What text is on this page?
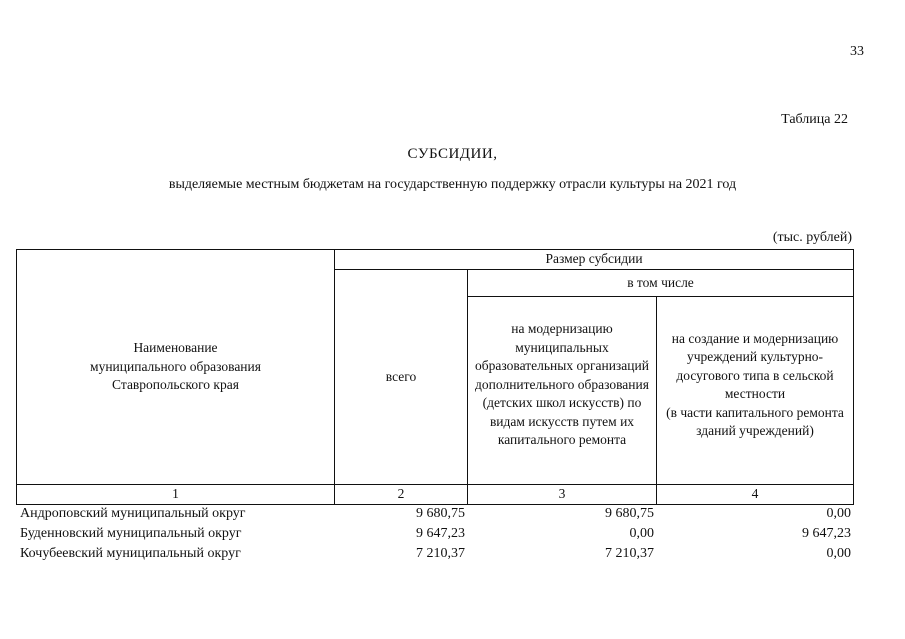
33
Таблица 22
СУБСИДИИ,
выделяемые местным бюджетам на государственную поддержку отрасли культуры на 2021 год
(тыс. рублей)
Наименование
муниципального образования
Ставропольского края
Размер субсидии
всего
в том числе
на модернизацию муниципальных образовательных организаций дополнительного образования (детских школ искусств) по видам искусств путем их капитального ремонта
на создание и модернизацию учреждений культурно-досугового типа в сельской местности
(в части капитального ремонта зданий учреждений)
1	2	3	4
Андроповский муниципальный округ	9 680,75	9 680,75	0,00
Буденновский муниципальный округ	9 647,23	0,00	9 647,23
Кочубеевский муниципальный округ	7 210,37	7 210,37	0,00
